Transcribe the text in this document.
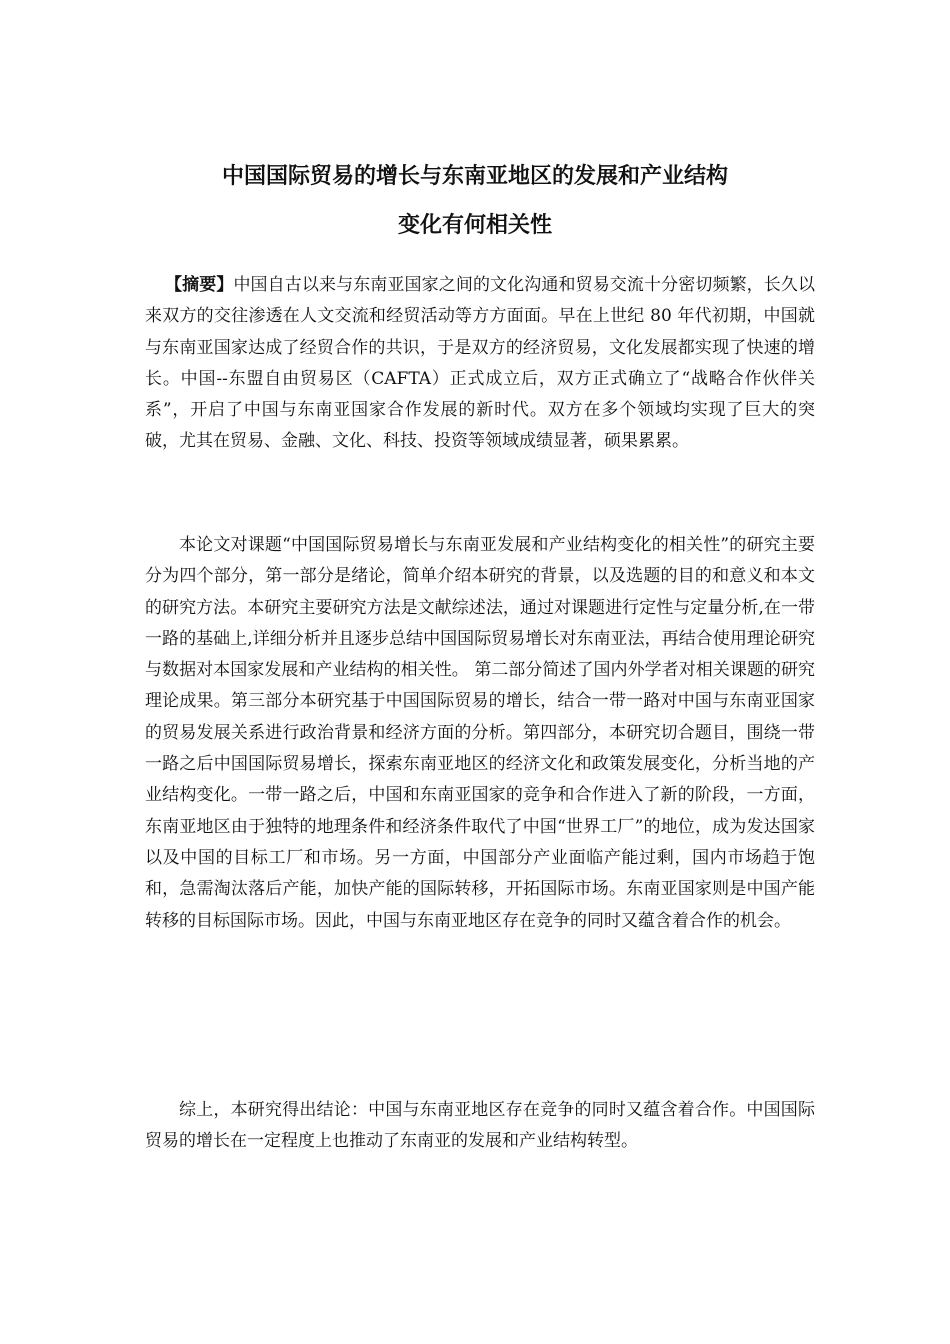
中国国际贸易的增长与东南亚地区的发展和产业结构
变化有何相关性

【摘要】中国自古以来与东南亚国家之间的文化沟通和贸易交流十分密切频繁，长久以来双方的交往渗透在人文交流和经贸活动等方方面面。早在上世纪 80 年代初期，中国就与东南亚国家达成了经贸合作的共识，于是双方的经济贸易，文化发展都实现了快速的增长。中国--东盟自由贸易区（CAFTA）正式成立后，双方正式确立了“战略合作伙伴关系”，开启了中国与东南亚国家合作发展的新时代。双方在多个领域均实现了巨大的突破，尤其在贸易、金融、文化、科技、投资等领域成绩显著，硕果累累。

本论文对课题“中国国际贸易增长与东南亚发展和产业结构变化的相关性”的研究主要分为四个部分，第一部分是绪论，简单介绍本研究的背景，以及选题的目的和意义和本文的研究方法。本研究主要研究方法是文献综述法，通过对课题进行定性与定量分析,在一带一路的基础上,详细分析并且逐步总结中国国际贸易增长对东南亚法，再结合使用理论研究与数据对本国家发展和产业结构的相关性。 第二部分简述了国内外学者对相关课题的研究理论成果。第三部分本研究基于中国国际贸易的增长，结合一带一路对中国与东南亚国家的贸易发展关系进行政治背景和经济方面的分析。第四部分，本研究切合题目，围绕一带一路之后中国国际贸易增长，探索东南亚地区的经济文化和政策发展变化，分析当地的产业结构变化。一带一路之后，中国和东南亚国家的竞争和合作进入了新的阶段，一方面，东南亚地区由于独特的地理条件和经济条件取代了中国“世界工厂”的地位，成为发达国家以及中国的目标工厂和市场。另一方面，中国部分产业面临产能过剩，国内市场趋于饱和，急需淘汰落后产能，加快产能的国际转移，开拓国际市场。东南亚国家则是中国产能转移的目标国际市场。因此，中国与东南亚地区存在竞争的同时又蕴含着合作的机会。

综上，本研究得出结论：中国与东南亚地区存在竞争的同时又蕴含着合作。中国国际贸易的增长在一定程度上也推动了东南亚的发展和产业结构转型。
